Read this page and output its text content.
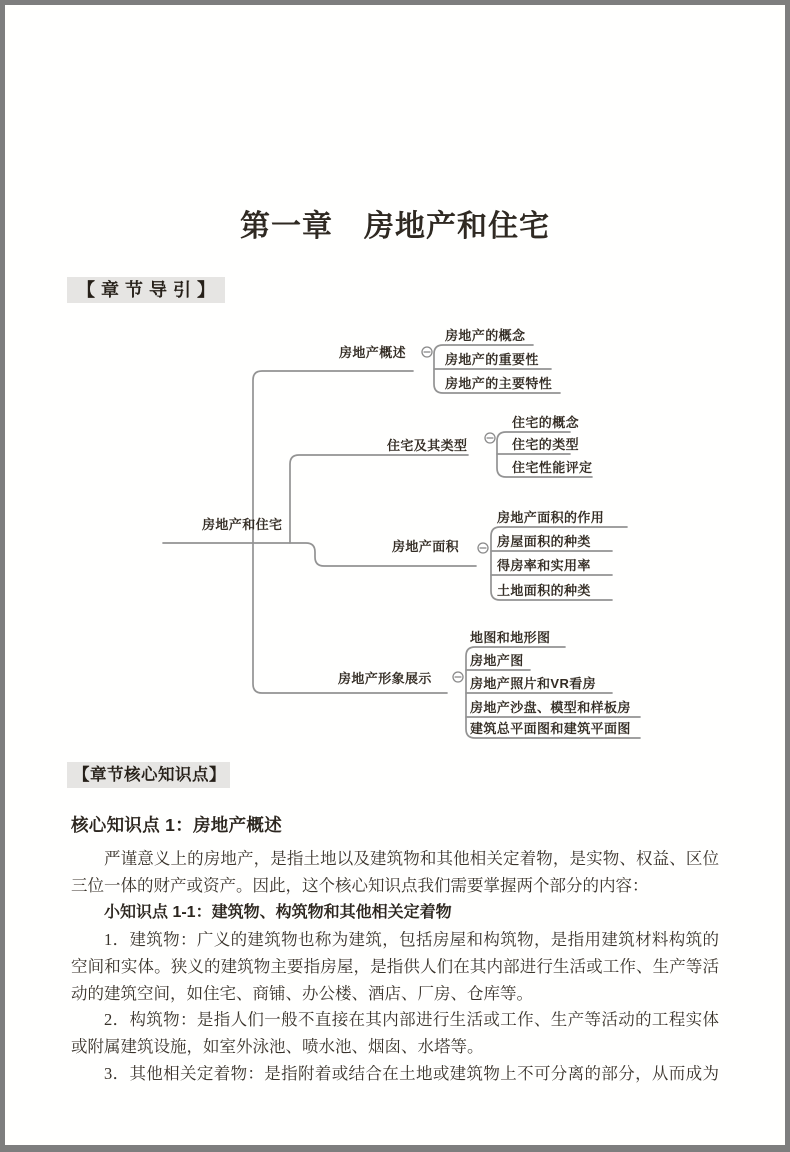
第一章　房地产和住宅
【章节导引】
房地产和住宅
房地产概述
房地产的概念
房地产的重要性
房地产的主要特性
住宅及其类型
住宅的概念
住宅的类型
住宅性能评定
房地产面积
房地产面积的作用
房屋面积的种类
得房率和实用率
土地面积的种类
房地产形象展示
地图和地形图
房地产图
房地产照片和VR看房
房地产沙盘、模型和样板房
建筑总平面图和建筑平面图
【章节核心知识点】
核心知识点 1：房地产概述
严谨意义上的房地产，是指土地以及建筑物和其他相关定着物，是实物、权益、区位
三位一体的财产或资产。因此，这个核心知识点我们需要掌握两个部分的内容：
小知识点 1-1：建筑物、构筑物和其他相关定着物
1．建筑物：广义的建筑物也称为建筑，包括房屋和构筑物，是指用建筑材料构筑的
空间和实体。狭义的建筑物主要指房屋，是指供人们在其内部进行生活或工作、生产等活
动的建筑空间，如住宅、商铺、办公楼、酒店、厂房、仓库等。
2．构筑物：是指人们一般不直接在其内部进行生活或工作、生产等活动的工程实体
或附属建筑设施，如室外泳池、喷水池、烟囱、水塔等。
3．其他相关定着物：是指附着或结合在土地或建筑物上不可分离的部分，从而成为
